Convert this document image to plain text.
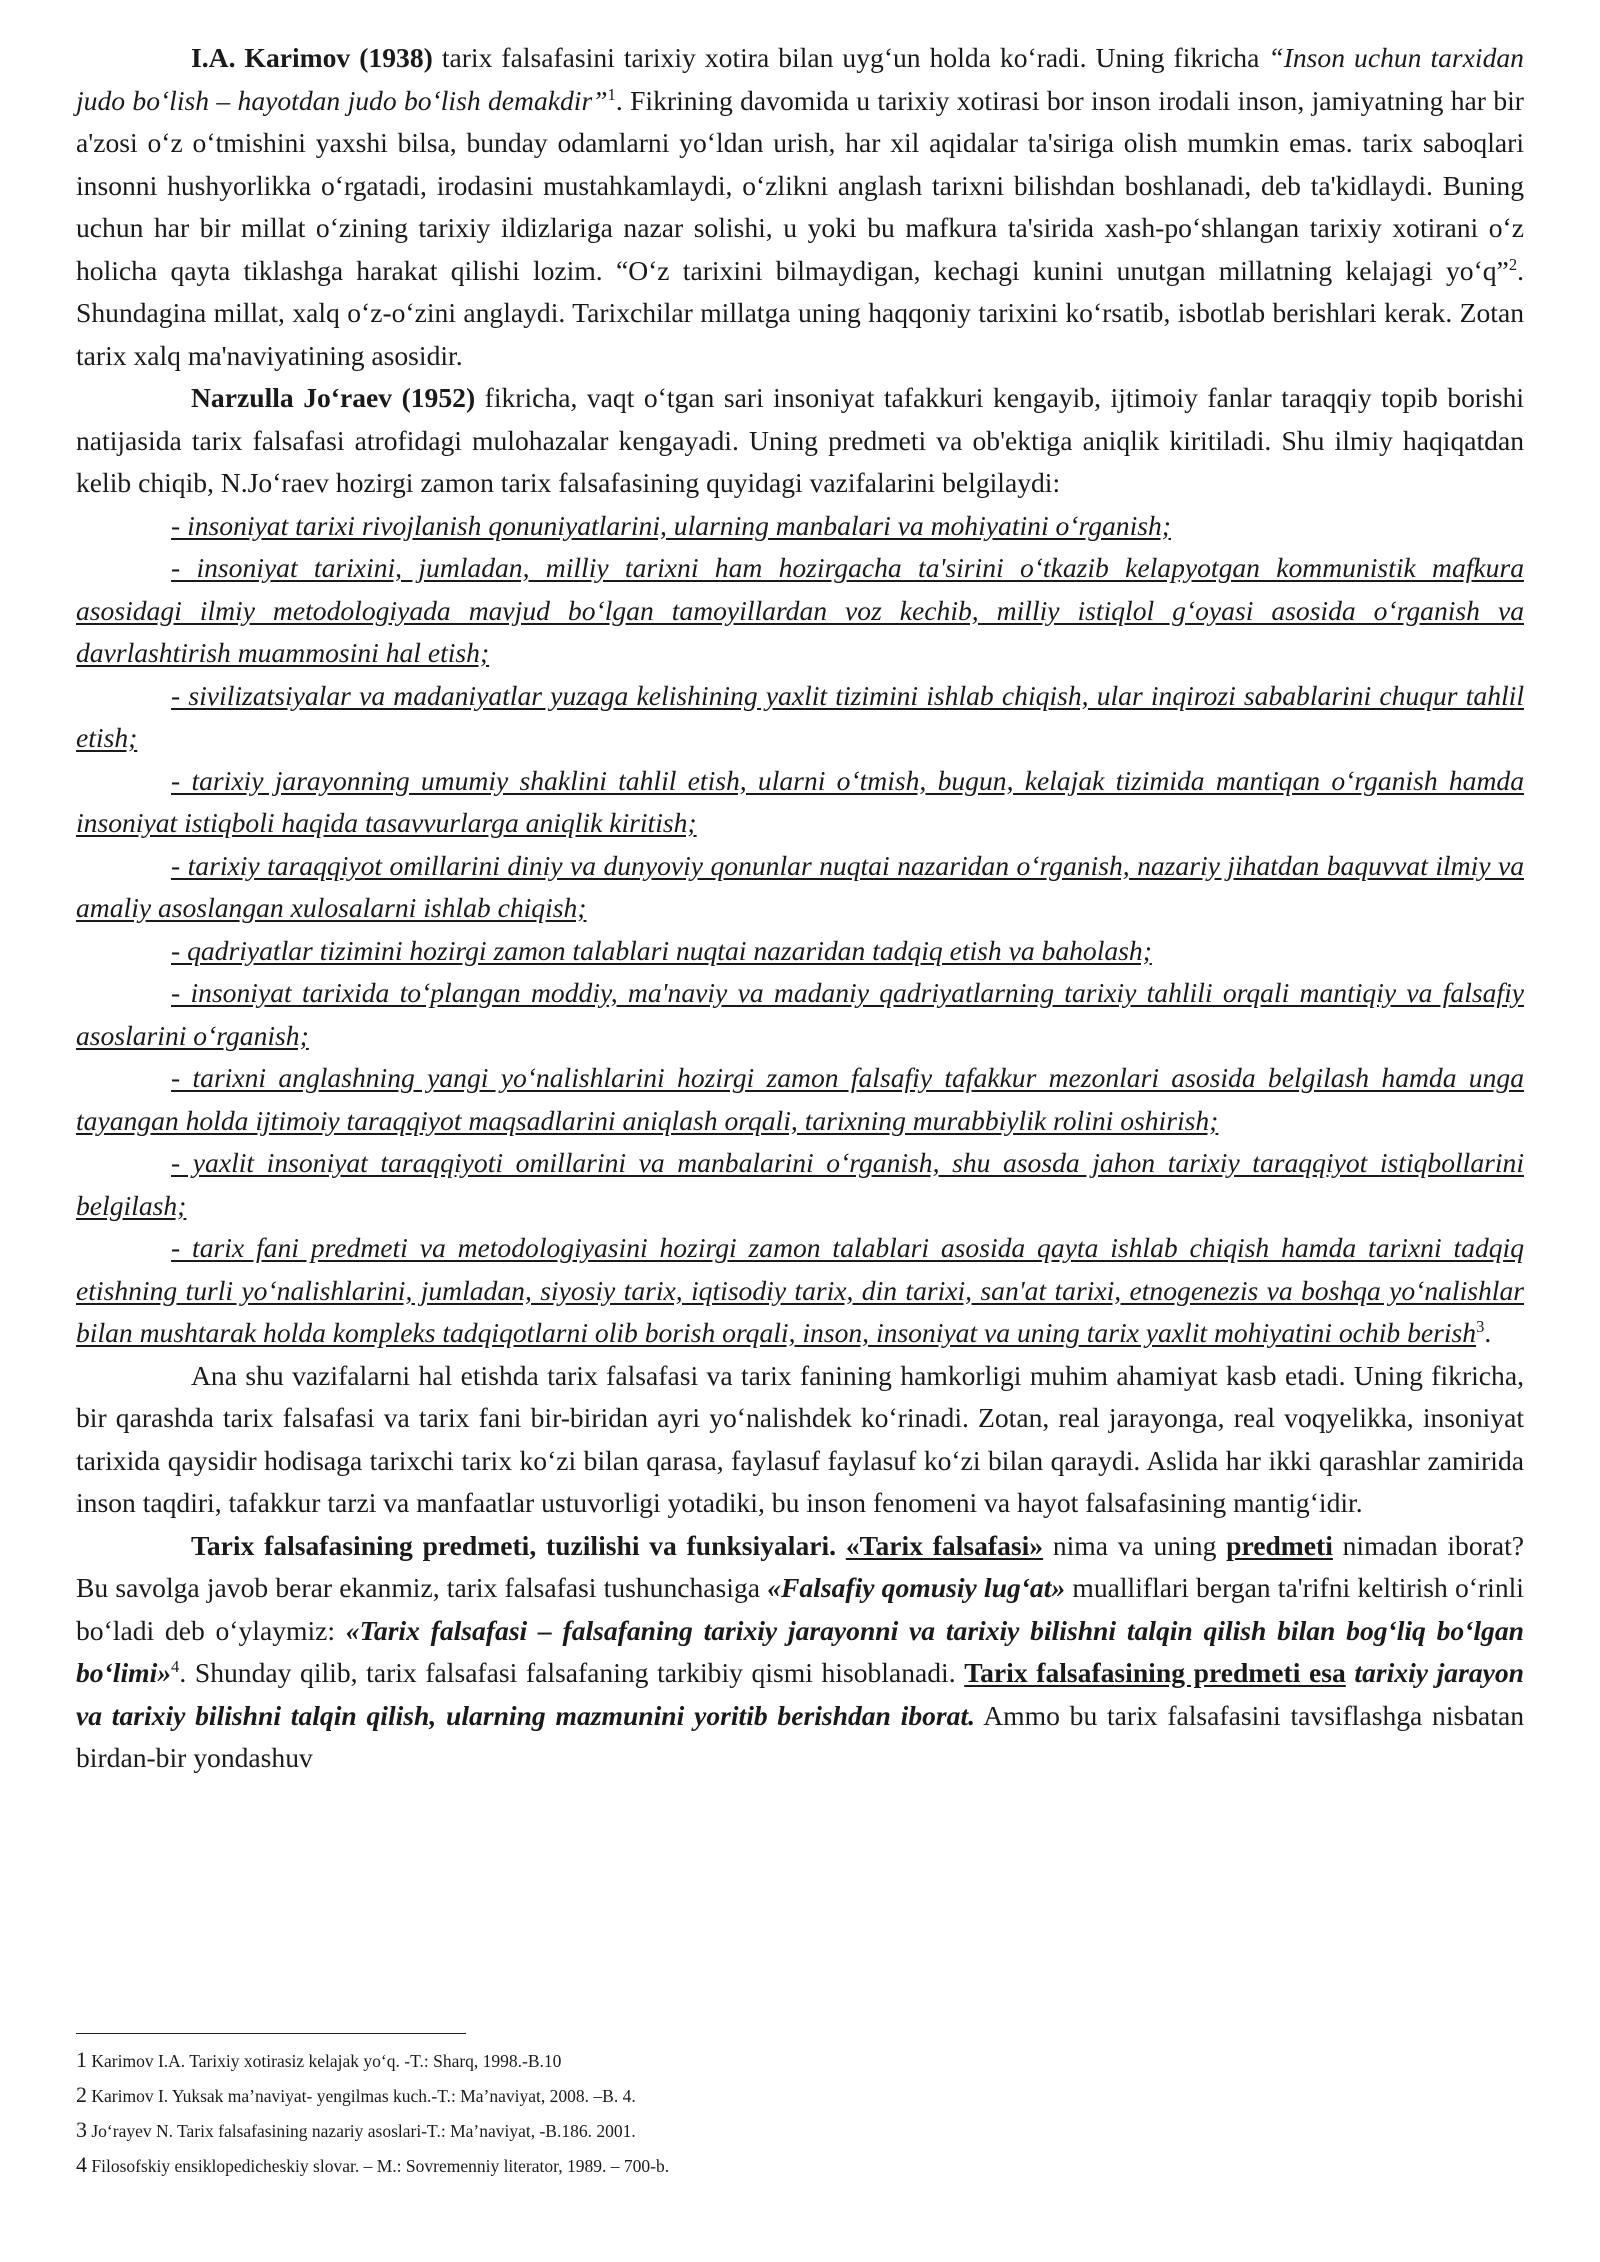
I.A. Karimov (1938) tarix falsafasini tarixiy xotira bilan uyg‘un holda ko‘radi. Uning fikricha “Inson uchun tarxidan judo bo‘lish – hayotdan judo bo‘lish demakdir”$^1$. Fikrining davomida u tarixiy xotirasi bor inson irodali inson, jamiyatning har bir a'zosi o‘z o‘tmishini yaxshi bilsa, bunday odamlarni yo‘ldan urish, har xil aqidalar ta'siriga olish mumkin emas. tarix saboqlari insonni hushyorlikka o‘rgatadi, irodasini mustahkamlaydi, o‘zlikni anglash tarixni bilishdan boshlanadi, deb ta'kidlaydi. Buning uchun har bir millat o‘zining tarixiy ildizlariga nazar solishi, u yoki bu mafkura ta'sirida xash-po‘shlangan tarixiy xotirani o‘z holicha qayta tiklashga harakat qilishi lozim. “O‘z tarixini bilmaydigan, kechagi kunini unutgan millatning kelajagi yo‘q”$^2$. Shundagina millat, xalq o‘z-o‘zini anglaydi. Tarixchilar millatga uning haqqoniy tarixini ko‘rsatib, isbotlab berishlari kerak. Zotan tarix xalq ma'naviyatining asosidir.

Narzulla Jo‘raev (1952) fikricha, vaqt o‘tgan sari insoniyat tafakkuri kengayib, ijtimoiy fanlar taraqqiy topib borishi natijasida tarix falsafasi atrofidagi mulohazalar kengayadi. Uning predmeti va ob'ektiga aniqlik kiritiladi. Shu ilmiy haqiqatdan kelib chiqib, N.Jo‘raev hozirgi zamon tarix falsafasining quyidagi vazifalarini belgilaydi:

- insoniyat tarixi rivojlanish qonuniyatlarini, ularning manbalari va mohiyatini o‘rganish;

- insoniyat tarixini, jumladan, milliy tarixni ham hozirgacha ta'sirini o‘tkazib kelapyotgan kommunistik mafkura asosidagi ilmiy metodologiyada mavjud bo‘lgan tamoyillardan voz kechib, milliy istiqlol g‘oyasi asosida o‘rganish va davrlashtirish muammosini hal etish;

- sivilizatsiyalar va madaniyatlar yuzaga kelishining yaxlit tizimini ishlab chiqish, ular inqirozi sabablarini chuqur tahlil etish;

- tarixiy jarayonning umumiy shaklini tahlil etish, ularni o‘tmish, bugun, kelajak tizimida mantiqan o‘rganish hamda insoniyat istiqboli haqida tasavvurlarga aniqlik kiritish;

- tarixiy taraqqiyot omillarini diniy va dunyoviy qonunlar nuqtai nazaridan o‘rganish, nazariy jihatdan baquvvat ilmiy va amaliy asoslangan xulosalarni ishlab chiqish;

- qadriyatlar tizimini hozirgi zamon talablari nuqtai nazaridan tadqiq etish va baholash;

- insoniyat tarixida to‘plangan moddiy, ma'naviy va madaniy qadriyatlarning tarixiy tahlili orqali mantiqiy va falsafiy asoslarini o‘rganish;

- tarixni anglashning yangi yo‘nalishlarini hozirgi zamon falsafiy tafakkur mezonlari asosida belgilash hamda unga tayangan holda ijtimoiy taraqqiyot maqsadlarini aniqlash orqali, tarixning murabbiylik rolini oshirish;

- yaxlit insoniyat taraqqiyoti omillarini va manbalarini o‘rganish, shu asosda jahon tarixiy taraqqiyot istiqbollarini belgilash;

- tarix fani predmeti va metodologiyasini hozirgi zamon talablari asosida qayta ishlab chiqish hamda tarixni tadqiq etishning turli yo‘nalishlarini, jumladan, siyosiy tarix, iqtisodiy tarix, din tarixi, san'at tarixi, etnogenezis va boshqa yo‘nalishlar bilan mushtarak holda kompleks tadqiqotlarni olib borish orqali, inson, insoniyat va uning tarix yaxlit mohiyatini ochib berish$^3$.

Ana shu vazifalarni hal etishda tarix falsafasi va tarix fanining hamkorligi muhim ahamiyat kasb etadi. Uning fikricha, bir qarashda tarix falsafasi va tarix fani bir-biridan ayri yo‘nalishdek ko‘rinadi. Zotan, real jarayonga, real voqyelikka, insoniyat tarixida qaysidir hodisaga tarixchi tarix ko‘zi bilan qarasa, faylasuf faylasuf ko‘zi bilan qaraydi. Aslida har ikki qarashlar zamirida inson taqdiri, tafakkur tarzi va manfaatlar ustuvorligi yotadiki, bu inson fenomeni va hayot falsafasining mantig‘idir.

Tarix falsafasining predmeti, tuzilishi va funksiyalari. «Tarix falsafasi» nima va uning predmeti nimadan iborat? Bu savolga javob berar ekanmiz, tarix falsafasi tushunchasiga «Falsafiy qomusiy lug‘at» mualliflari bergan ta'rifni keltirish o‘rinli bo‘ladi deb o‘ylaymiz: «Tarix falsafasi – falsafaning tarixiy jarayonni va tarixiy bilishni talqin qilish bilan bog‘liq bo‘lgan bo‘limi»$^4$. Shunday qilib, tarix falsafasi falsafaning tarkibiy qismi hisoblanadi. Tarix falsafasining predmeti esa tarixiy jarayon va tarixiy bilishni talqin qilish, ularning mazmunini yoritib berishdan iborat. Ammo bu tarix falsafasini tavsiflashga nisbatan birdan-bir yondashuv

1 Karimov I.A. Tarixiy xotirasiz kelajak yo‘q. -T.: Sharq, 1998.-B.10
2 Karimov I. Yuksak ma’naviyat- yengilmas kuch.-T.: Ma’naviyat, 2008. –B. 4.
3 Jo‘rayev N. Tarix falsafasining nazariy asoslari-T.: Ma’naviyat, -B.186. 2001.
4 Filosofskiy ensiklopedicheskiy slovar. – M.: Sovremenniy literator, 1989. – 700-b.
